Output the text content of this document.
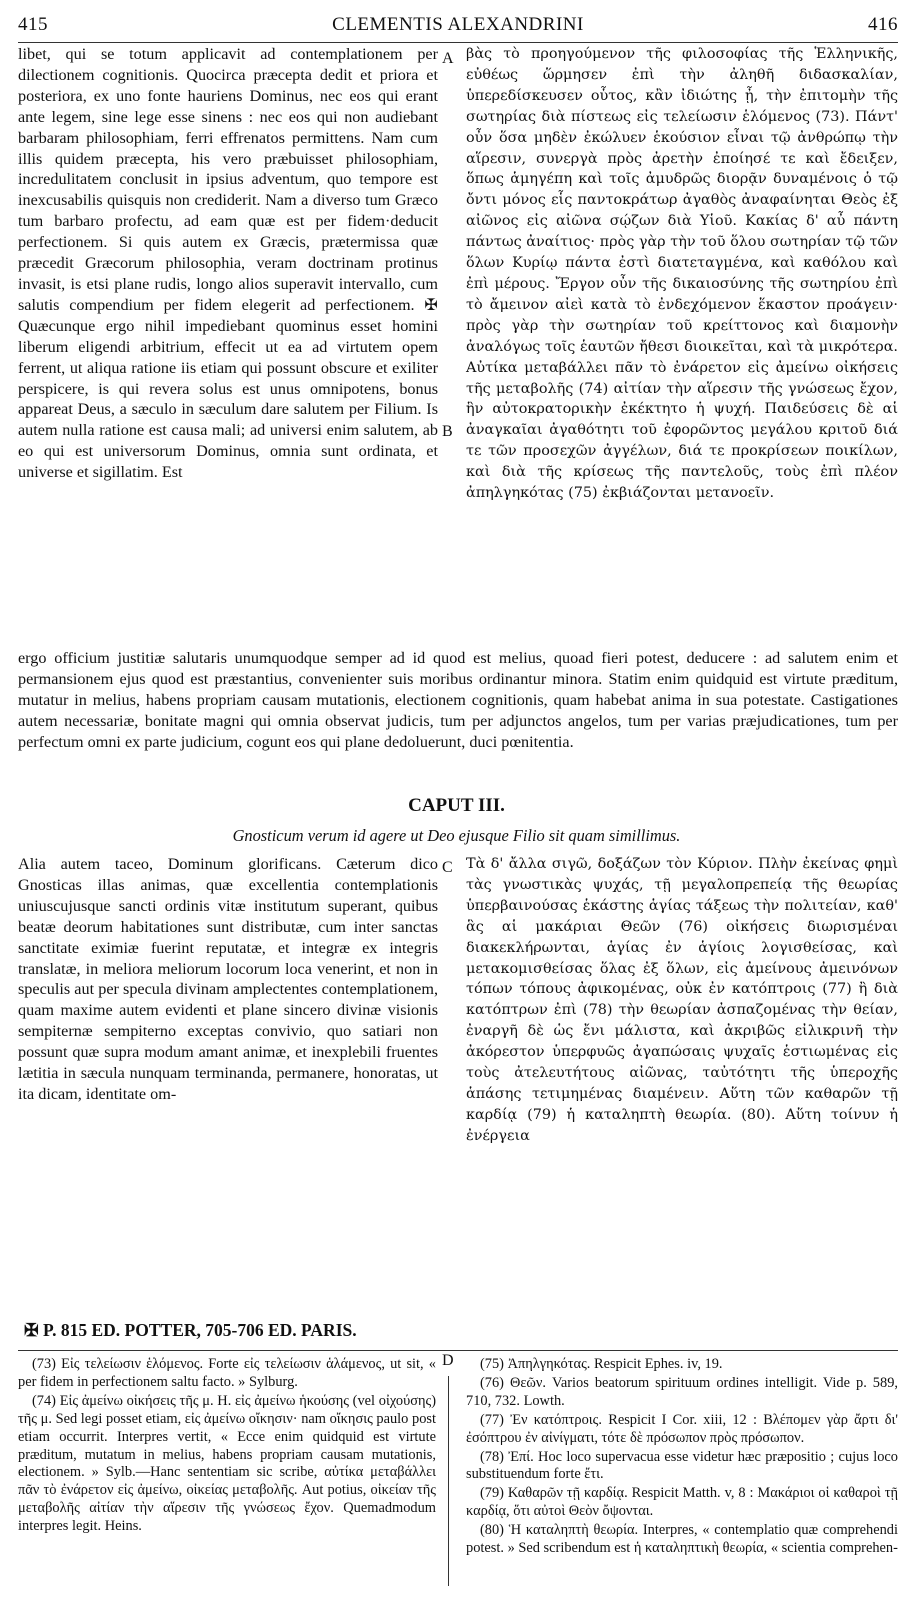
415	CLEMENTIS ALEXANDRINI	416
libet, qui se totum applicavit ad contemplationem per dilectionem cognitionis. Quocirca præcepta dedit et priora et posteriora, ex uno fonte hauriens Dominus, nec eos qui erant ante legem, sine lege esse sinens : nec eos qui non audiebant barbaram philosophiam, ferri effrenatos permittens. Nam cum illis quidem præcepta, his vero præbuisset philosophiam, incredulitatem conclusit in ipsius adventum, quo tempore est inexcusabilis quisquis non crediderit. Nam a diverso tum Græco tum barbaro profectu, ad eam quæ est per fidem·deducit perfectionem. Si quis autem ex Græcis, prætermissa quæ præcedit Græcorum philosophia, veram doctrinam protinus invasit, is etsi plane rudis, longo alios superavit intervallo, cum salutis compendium per fidem elegerit ad perfectionem. ✠ Quæcunque ergo nihil impediebant quominus esset homini liberum eligendi arbitrium, effecit ut ea ad virtutem opem ferrent, ut aliqua ratione iis etiam qui possunt obscure et exiliter perspicere, is qui revera solus est unus omnipotens, bonus appareat Deus, a sæculo in sæculum dare salutem per Filium. Is autem nulla ratione est causa mali; ad universi enim salutem, ab eo qui est universorum Dominus, omnia sunt ordinata, et universe et sigillatim. Est
A
B
βὰς τὸ προηγούμενον τῆς φιλοσοφίας τῆς Ἑλληνικῆς, εὐθέως ὥρμησεν ἐπὶ τὴν ἀληθῆ διδασκαλίαν, ὑπερεδίσκευσεν οὗτος, κἂν ἰδιώτης ᾖ, τὴν ἐπιτομὴν τῆς σωτηρίας διὰ πίστεως εἰς τελείωσιν ἑλόμενος (73). Πάντ' οὖν ὅσα μηδὲν ἐκώλυεν ἑκούσιον εἶναι τῷ ἀνθρώπῳ τὴν αἵρεσιν, συνεργὰ πρὸς ἀρετὴν ἐποίησέ τε καὶ ἔδειξεν, ὅπως ἁμηγέπη καὶ τοῖς ἀμυδρῶς διορᾷν δυναμένοις ὁ τῷ ὄντι μόνος εἷς παντοκράτωρ ἀγαθὸς ἀναφαίνηται Θεὸς ἐξ αἰῶνος εἰς αἰῶνα σῴζων διὰ Υἱοῦ. Κακίας δ' αὖ πάντη πάντως ἀναίτιος· πρὸς γὰρ τὴν τοῦ ὅλου σωτηρίαν τῷ τῶν ὅλων Κυρίῳ πάντα ἐστὶ διατεταγμένα, καὶ καθόλου καὶ ἐπὶ μέρους. Ἔργον οὖν τῆς δικαιοσύνης τῆς σωτηρίου ἐπὶ τὸ ἄμεινον αἰεὶ κατὰ τὸ ἐνδεχόμενον ἕκαστον προάγειν· πρὸς γὰρ τὴν σωτηρίαν τοῦ κρείττονος καὶ διαμονὴν ἀναλόγως τοῖς ἑαυτῶν ἤθεσι διοικεῖται, καὶ τὰ μικρότερα. Αὐτίκα μεταβάλλει πᾶν τὸ ἐνάρετον εἰς ἀμείνω οἰκήσεις τῆς μεταβολῆς (74) αἰτίαν τὴν αἵρεσιν τῆς γνώσεως ἔχον, ἣν αὐτοκρατορικὴν ἐκέκτητο ἡ ψυχή. Παιδεύσεις δὲ αἱ ἀναγκαῖαι ἀγαθότητι τοῦ ἐφορῶντος μεγάλου κριτοῦ διά τε τῶν προσεχῶν ἀγγέλων, διά τε προκρίσεων ποικίλων, καὶ διὰ τῆς κρίσεως τῆς παντελοῦς, τοὺς ἐπὶ πλέον ἀπηλγηκότας (75) ἐκβιάζονται μετανοεῖν.
ergo officium justitiæ salutaris unumquodque semper ad id quod est melius, quoad fieri potest, deducere : ad salutem enim et permansionem ejus quod est præstantius, convenienter suis moribus ordinantur minora. Statim enim quidquid est virtute præditum, mutatur in melius, habens propriam causam mutationis, electionem cognitionis, quam habebat anima in sua potestate. Castigationes autem necessariæ, bonitate magni qui omnia observat judicis, tum per adjunctos angelos, tum per varias præjudicationes, tum per perfectum omni ex parte judicium, cogunt eos qui plane dedoluerunt, duci pœnitentia.
CAPUT III.
Gnosticum verum id agere ut Deo ejusque Filio sit quam simillimus.
Alia autem taceo, Dominum glorificans. Cæterum dico Gnosticas illas animas, quæ excellentia contemplationis uniuscujusque sancti ordinis vitæ institutum superant, quibus beatæ deorum habitationes sunt distributæ, cum inter sanctas sanctitate eximiæ fuerint reputatæ, et integræ ex integris translatæ, in meliora meliorum locorum loca venerint, et non in speculis aut per specula divinam amplectentes contemplationem, quam maxime autem evidenti et plane sincero divinæ visionis sempiternæ sempiterno exceptas convivio, quo satiari non possunt quæ supra modum amant animæ, et inexplebili fruentes lætitia in sæcula nunquam terminanda, permanere, honoratas, ut ita dicam, identitate om-
C Τὰ δ' ἄλλα σιγῶ, δοξάζων τὸν Κύριον. Πλὴν ἐκείνας φημὶ τὰς γνωστικὰς ψυχάς, τῇ μεγαλοπρεπείᾳ τῆς θεωρίας ὑπερβαινούσας ἑκάστης ἁγίας τάξεως τὴν πολιτείαν, καθ' ἃς αἱ μακάριαι Θεῶν (76) οἰκήσεις διωρισμέναι διακεκλήρωνται, ἁγίας ἐν ἁγίοις λογισθείσας, καὶ μετακομισθείσας ὅλας ἐξ ὅλων, εἰς ἀμείνους ἀμεινόνων τόπων τόπους ἀφικομένας, οὐκ ἐν κατόπτροις (77) ἢ διὰ κατόπτρων ἐπὶ (78) τὴν θεωρίαν ἀσπαζομένας τὴν θείαν, ἐναργῆ δὲ ὡς ἔνι μάλιστα, καὶ ἀκριβῶς εἰλικρινῆ τὴν ἀκόρεστον ὑπερφυῶς ἀγαπώσαις ψυχαῖς ἑστιωμένας εἰς τοὺς ἀτελευτήτους αἰῶνας, ταὐτότητι τῆς ὑπεροχῆς ἁπάσης τετιμημένας διαμένειν. Αὕτη τῶν καθαρῶν τῇ καρδίᾳ (79) ἡ καταληπτὴ θεωρία. (80). Αὕτη τοίνυν ἡ ἐνέργεια
✠ P. 815 ED. POTTER, 705-706 ED. PARIS.
D

(73) Εἰς τελείωσιν ἑλόμενος. Forte εἰς τελείωσιν ἁλάμενος, ut sit, « per fidem in perfectionem saltu facto. » Sylburg.

(74) Εἰς ἀμείνω οἰκήσεις τῆς μ. H. εἰς ἀμείνω ἡκούσης (vel οἰχούσης) τῆς μ. Sed legi posset etiam, εἰς ἀμείνω οἴκησιν· nam οἴκησις paulo post etiam occurrit. Interpres vertit, « Ecce enim quidquid est virtute præditum, mutatum in melius, habens propriam causam mutationis, electionem. » Sylb.—Hanc sententiam sic scribe, αὐτίκα μεταβάλλει πᾶν τὸ ἐνάρετον εἰς ἀμείνω, οἰκείας μεταβολῆς. Aut potius, οἰκείαν τῆς μεταβολῆς αἰτίαν τὴν αἵρεσιν τῆς γνώσεως ἔχον. Quemadmodum interpres legit. Heins.

(75) Ἀπηλγηκότας. Respicit Ephes. iv, 19.

(76) Θεῶν. Varios beatorum spirituum ordines intelligit. Vide p. 589, 710, 732. Lowth.

(77) Ἐν κατόπτροις. Respicit I Cor. xiii, 12 : Βλέπομεν γὰρ ἄρτι δι' ἐσόπτρου ἐν αἰνίγματι, τότε δὲ πρόσωπον πρὸς πρόσωπον.

(78) Ἐπί. Hoc loco supervacua esse videtur hæc præpositio ; cujus loco substituendum forte ἔτι.

(79) Καθαρῶν τῇ καρδίᾳ. Respicit Matth. v, 8 : Μακάριοι οἱ καθαροὶ τῇ καρδίᾳ, ὅτι αὐτοὶ Θεὸν ὄψονται.

(80) Ἡ καταληπτὴ θεωρία. Interpres, « contemplatio quæ comprehendi potest. » Sed scribendum est ἡ καταληπτικὴ θεωρία, « scientia comprehen-
